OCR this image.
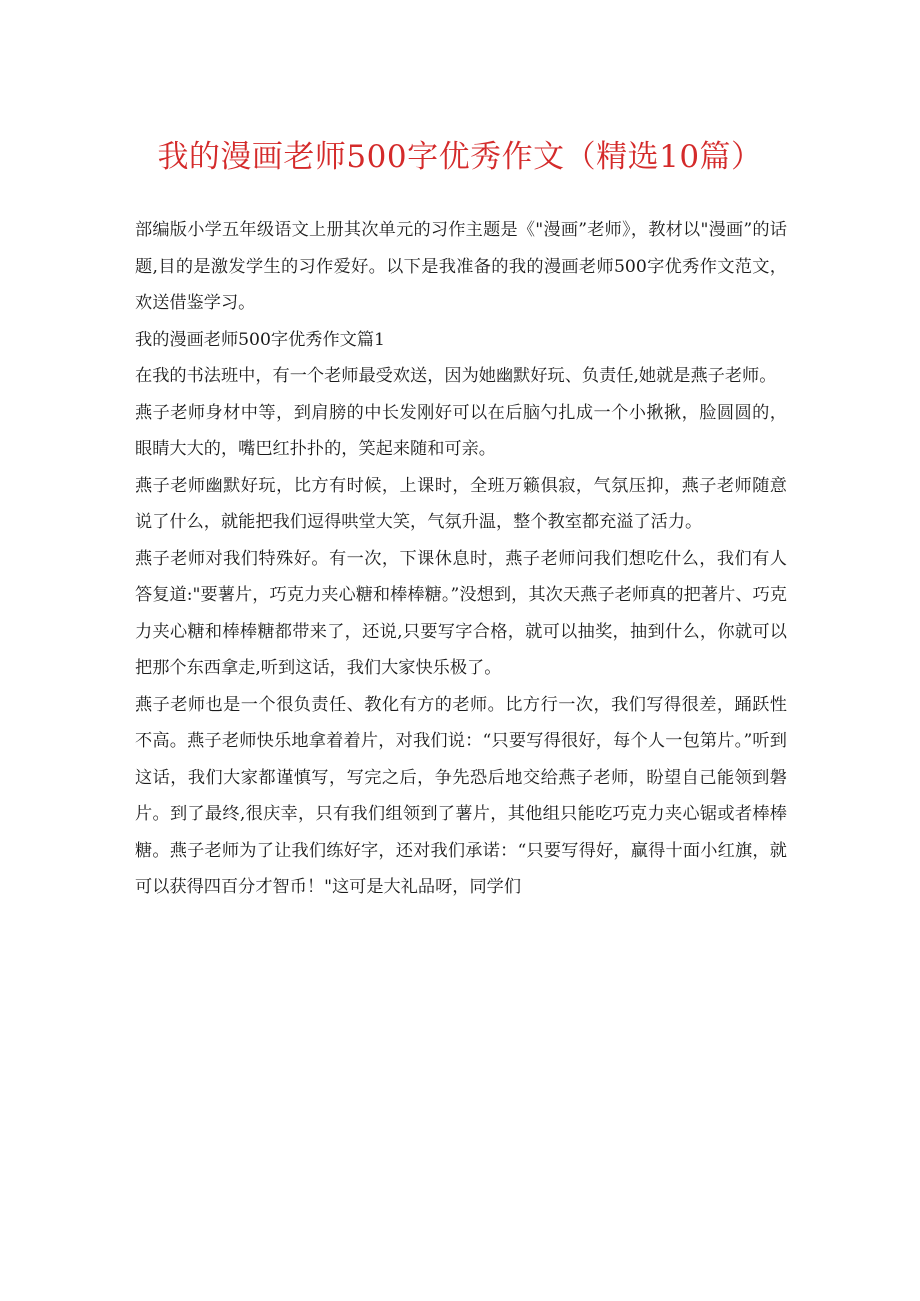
我的漫画老师500字优秀作文（精选10篇）

部编版小学五年级语文上册其次单元的习作主题是《"漫画”老师》，教材以"漫画”的话题,目的是激发学生的习作爱好。以下是我准备的我的漫画老师500字优秀作文范文，欢送借鉴学习。

我的漫画老师500字优秀作文篇1

在我的书法班中，有一个老师最受欢送，因为她幽默好玩、负责任,她就是燕子老师。

燕子老师身材中等，到肩膀的中长发刚好可以在后脑勺扎成一个小揪揪，脸圆圆的，眼睛大大的，嘴巴红扑扑的，笑起来随和可亲。

燕子老师幽默好玩，比方有时候，上课时，全班万籁俱寂，气氛压抑，燕子老师随意说了什么，就能把我们逗得哄堂大笑，气氛升温，整个教室都充溢了活力。

燕子老师对我们特殊好。有一次，下课休息时，燕子老师问我们想吃什么，我们有人答复道:"要薯片，巧克力夹心糖和棒棒糖。”没想到，其次天燕子老师真的把著片、巧克力夹心糖和棒棒糖都带来了，还说,只要写字合格，就可以抽奖，抽到什么，你就可以把那个东西拿走,听到这话，我们大家快乐极了。

燕子老师也是一个很负责任、教化有方的老师。比方行一次，我们写得很差，踊跃性不高。燕子老师快乐地拿着着片，对我们说：“只要写得很好，每个人一包第片。”听到这话，我们大家都谨慎写，写完之后，争先恐后地交给燕子老师，盼望自己能领到磐片。到了最终,很庆幸，只有我们组领到了薯片，其他组只能吃巧克力夹心锯或者棒棒糖。燕子老师为了让我们练好字，还对我们承诺：“只要写得好，赢得十面小红旗，就可以获得四百分才智币！"这可是大礼品呀，同学们
